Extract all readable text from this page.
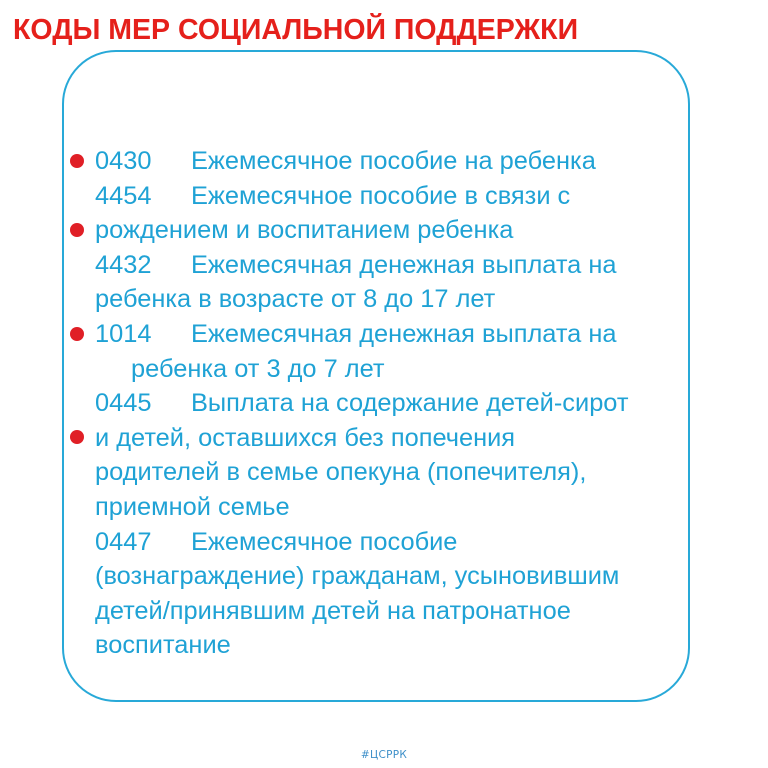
КОДЫ МЕР СОЦИАЛЬНОЙ ПОДДЕРЖКИ
0430 Ежемесячное пособие на ребенка
4454 Ежемесячное пособие в связи с
рождением и воспитанием ребенка
4432 Ежемесячная денежная выплата на
ребенка в возрасте от 8 до 17 лет
1014 Ежемесячная денежная выплата на
ребенка от 3 до 7 лет
0445 Выплата на содержание детей-сирот
и детей, оставшихся без попечения
родителей в семье опекуна (попечителя),
приемной семье
0447 Ежемесячное пособие
(вознаграждение) гражданам, усыновившим
детей/принявшим детей на патронатное
воспитание
#ЦСРРК
